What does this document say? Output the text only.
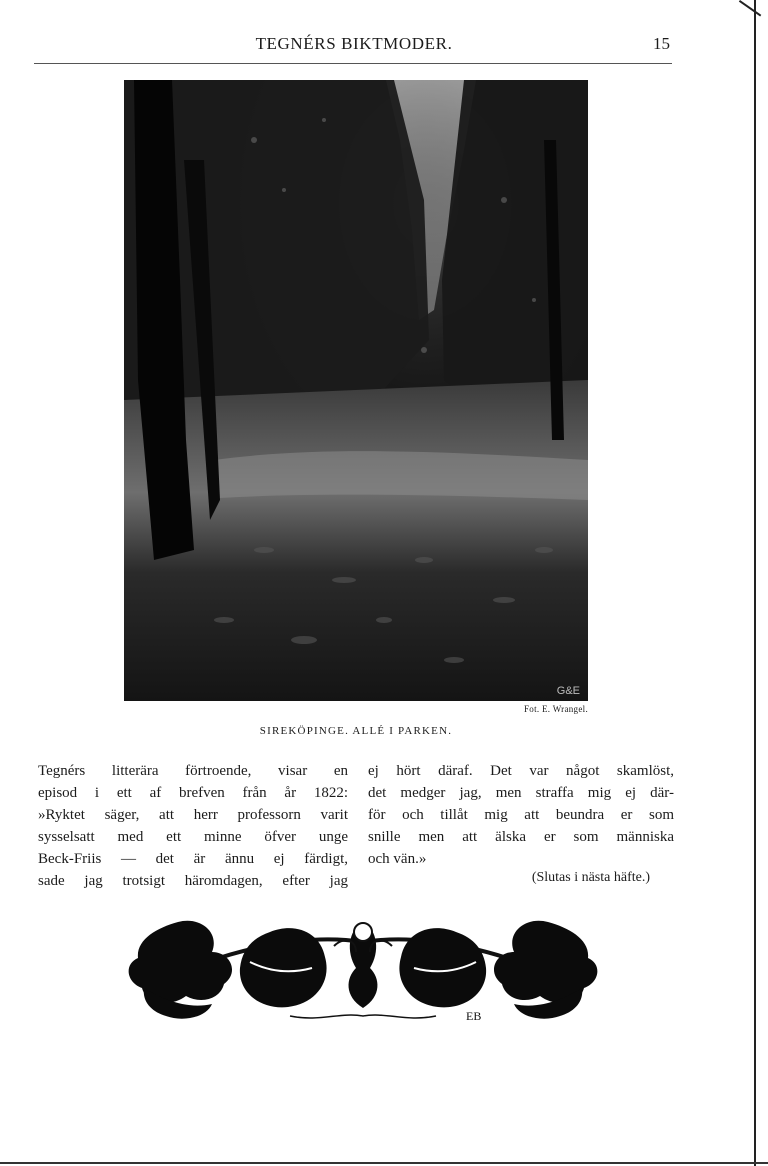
TEGNÉRS BIKTMODER.	15
G&E
Fot. E. Wrangel.
SIREKÖPINGE. ALLÉ I PARKEN.
Tegnérs litterära förtroende, visar en
episod i ett af brefven från år 1822:
»Ryktet säger, att herr professorn varit
sysselsatt med ett minne öfver unge
Beck-Friis — det är ännu ej färdigt,
sade jag trotsigt häromdagen, efter jag
ej hört däraf. Det var något skamlöst,
det medger jag, men straffa mig ej där-
för och tillåt mig att beundra er som
snille men att älska er som människa
och vän.»
(Slutas i nästa häfte.)
EB
